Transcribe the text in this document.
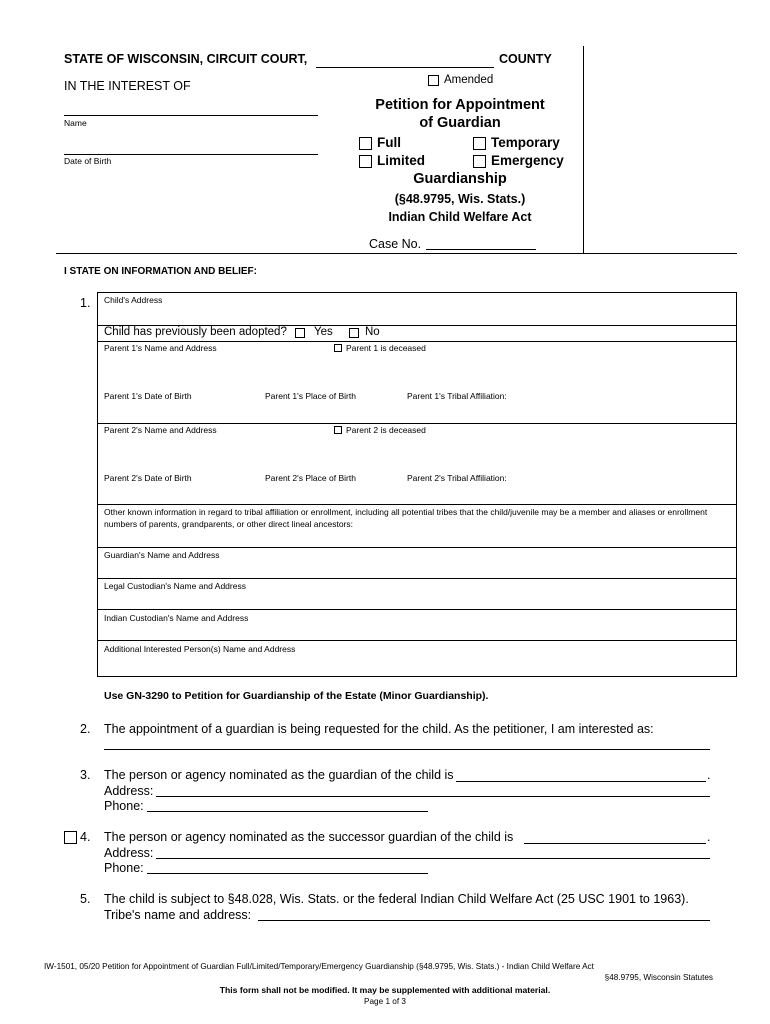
STATE OF WISCONSIN, CIRCUIT COURT,	COUNTY
IN THE INTEREST OF
Name
Date of Birth
Amended
Petition for Appointment
of Guardian
Full	Temporary
Limited	Emergency
Guardianship
(§48.9795, Wis. Stats.)
Indian Child Welfare Act
Case No.
I STATE ON INFORMATION AND BELIEF:
1. Child's Address
Child has previously been adopted? Yes	No
Parent 1's Name and Address	Parent 1 is deceased
Parent 1's Date of Birth	Parent 1's Place of Birth	Parent 1's Tribal Affiliation:
Parent 2's Name and Address	Parent 2 is deceased
Parent 2's Date of Birth	Parent 2's Place of Birth	Parent 2's Tribal Affiliation:
Other known information in regard to tribal affiliation or enrollment, including all potential tribes that the child/juvenile may be a member and aliases or enrollment
numbers of parents, grandparents, or other direct lineal ancestors:
Guardian's Name and Address
Legal Custodian's Name and Address
Indian Custodian's Name and Address
Additional Interested Person(s) Name and Address
Use GN-3290 to Petition for Guardianship of the Estate (Minor Guardianship).
2. The appointment of a guardian is being requested for the child. As the petitioner, I am interested as:
3. The person or agency nominated as the guardian of the child is	.
Address:
Phone:
4. The person or agency nominated as the successor guardian of the child is	.
Address:
Phone:
5. The child is subject to §48.028, Wis. Stats. or the federal Indian Child Welfare Act (25 USC 1901 to 1963).
Tribe's name and address:
IW-1501, 05/20 Petition for Appointment of Guardian Full/Limited/Temporary/Emergency Guardianship (§48.9795, Wis. Stats.) - Indian Child Welfare Act
§48.9795, Wisconsin Statutes
This form shall not be modified. It may be supplemented with additional material.
Page 1 of 3
